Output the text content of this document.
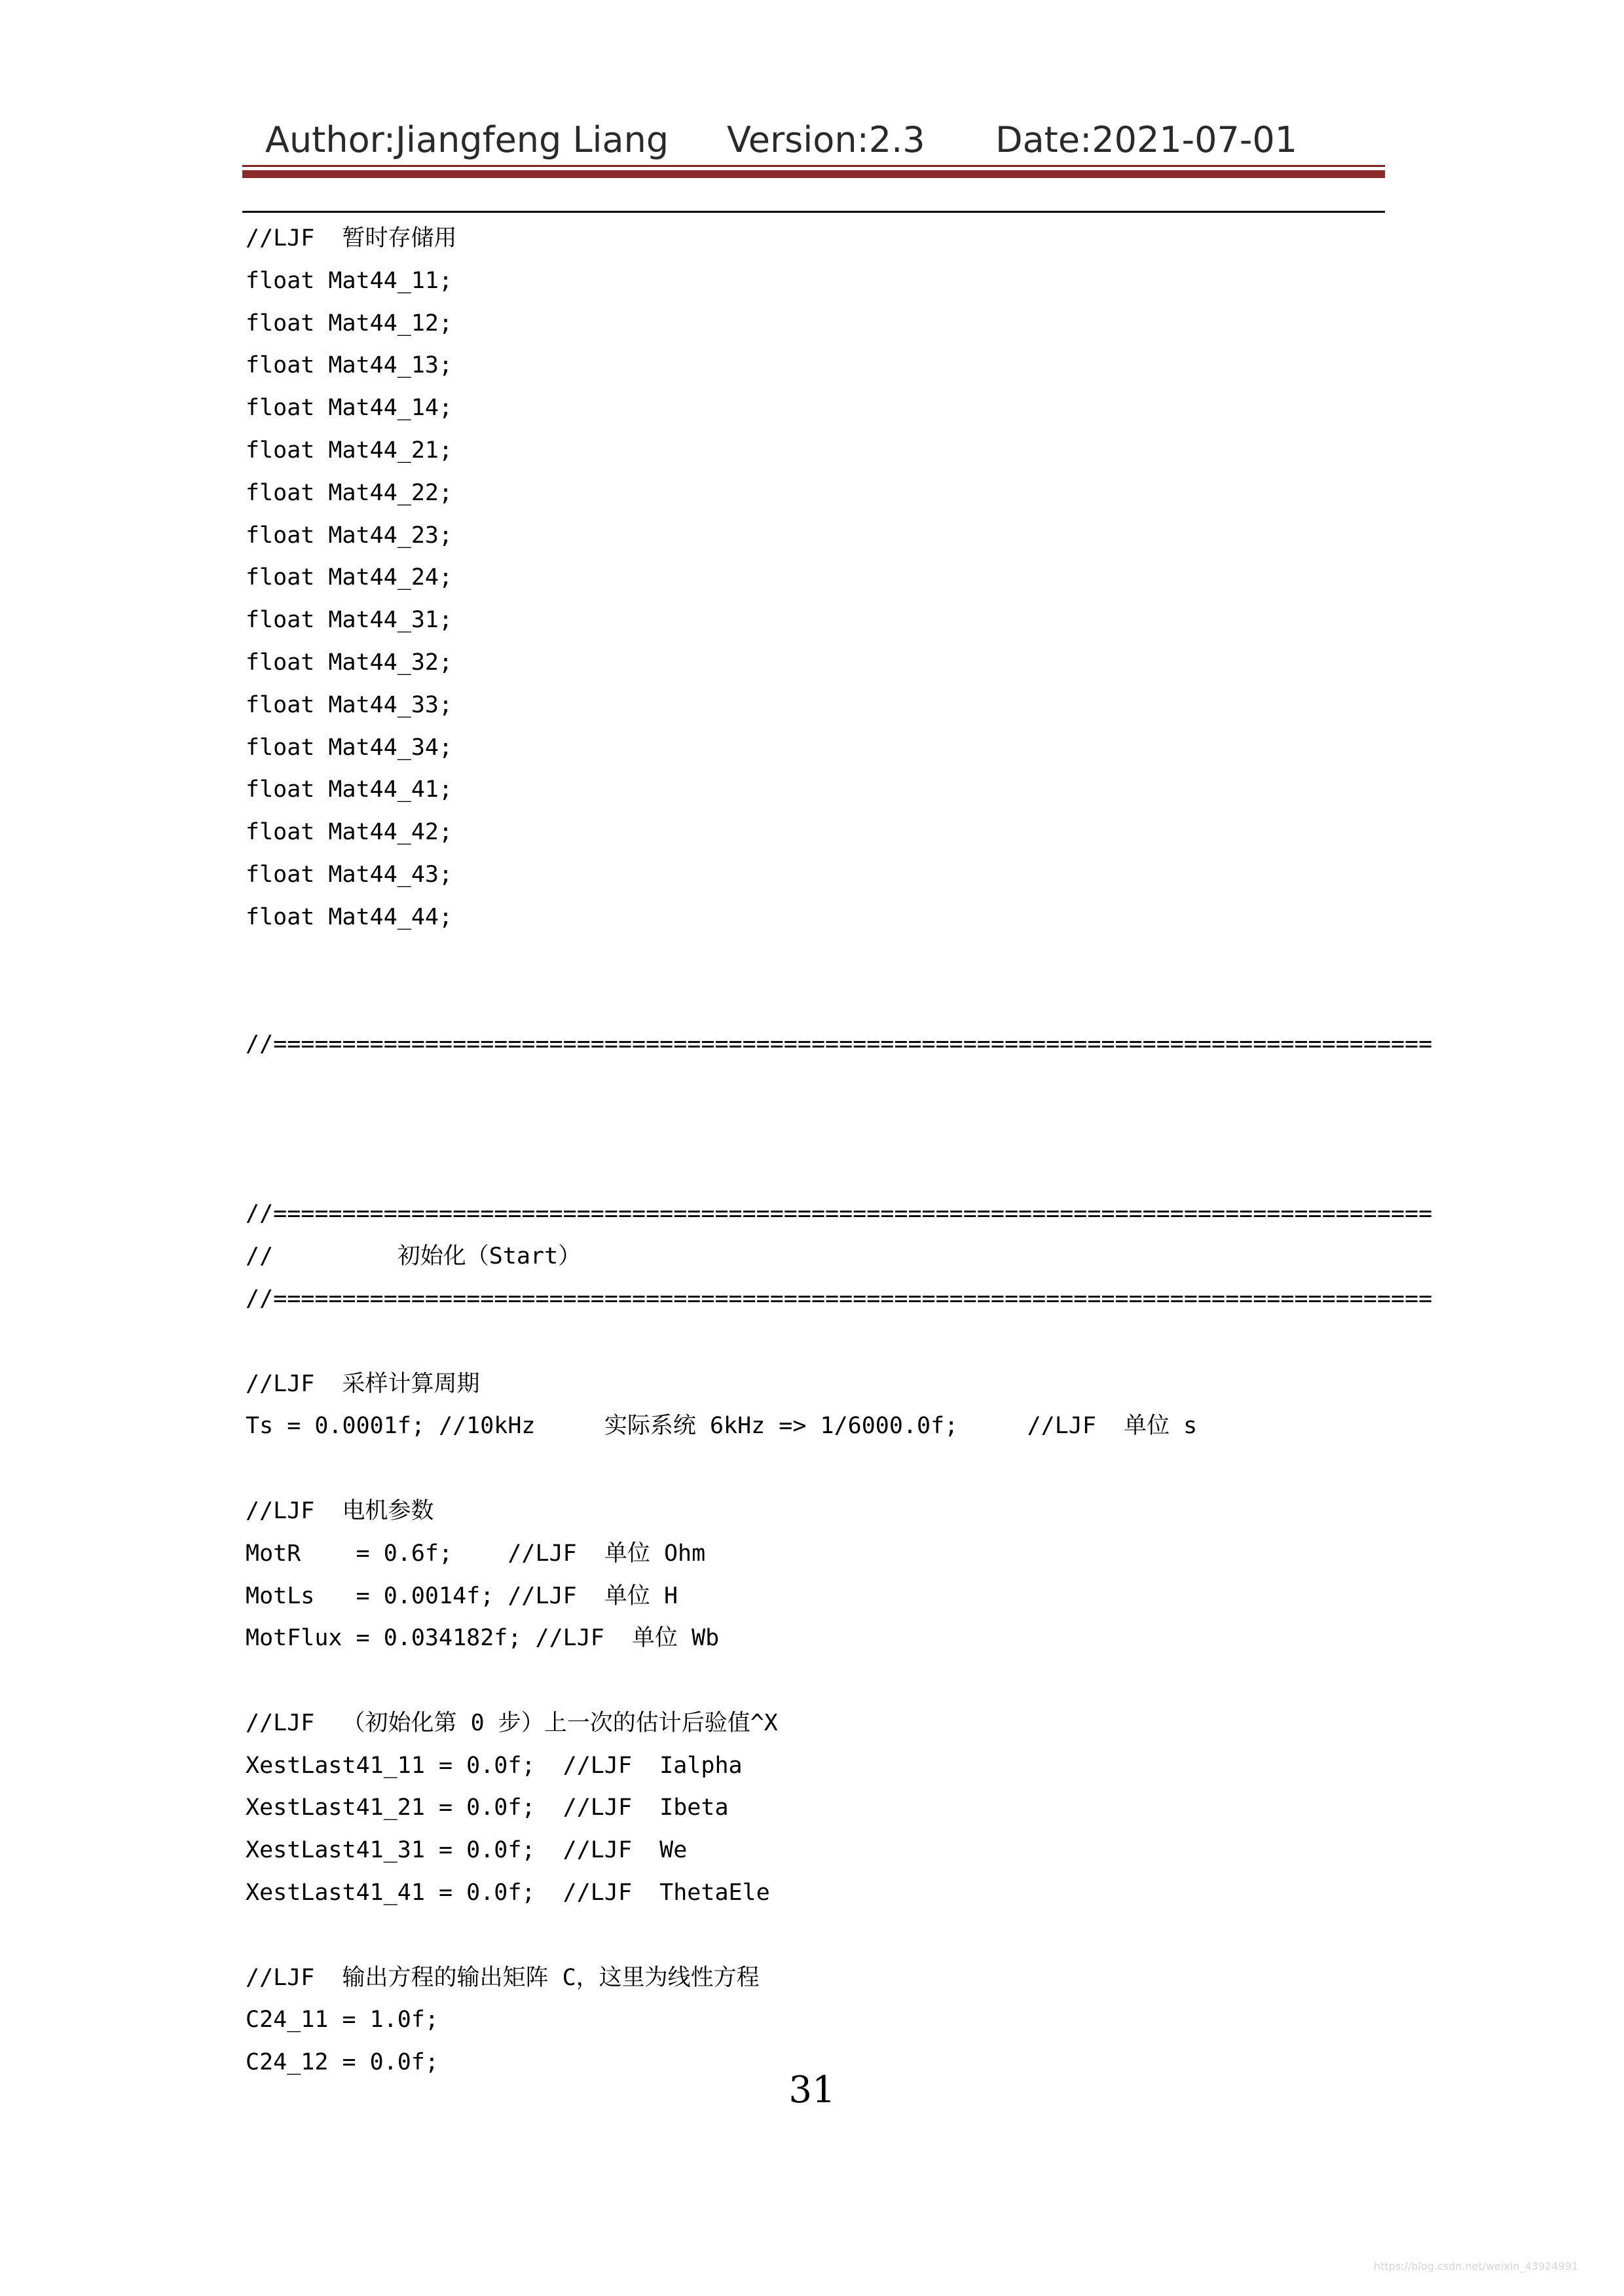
Author:Jiangfeng Liang Version:2.3 Date:2021-07-01
//LJF  暂时存储用
float Mat44_11;
float Mat44_12;
float Mat44_13;
float Mat44_14;
float Mat44_21;
float Mat44_22;
float Mat44_23;
float Mat44_24;
float Mat44_31;
float Mat44_32;
float Mat44_33;
float Mat44_34;
float Mat44_41;
float Mat44_42;
float Mat44_43;
float Mat44_44;
//====================================================================================
//====================================================================================
//         初始化（Start）
//====================================================================================
//LJF  采样计算周期
Ts = 0.0001f; //10kHz     实际系统 6kHz => 1/6000.0f;     //LJF  单位 s
//LJF  电机参数
MotR    = 0.6f;    //LJF  单位 Ohm
MotLs   = 0.0014f; //LJF  单位 H
MotFlux = 0.034182f; //LJF  单位 Wb
//LJF  （初始化第 0 步）上一次的估计后验值^X
XestLast41_11 = 0.0f;  //LJF  Ialpha
XestLast41_21 = 0.0f;  //LJF  Ibeta
XestLast41_31 = 0.0f;  //LJF  We
XestLast41_41 = 0.0f;  //LJF  ThetaEle
//LJF  输出方程的输出矩阵 C，这里为线性方程
C24_11 = 1.0f;
C24_12 = 0.0f;
31
https://blog.csdn.net/weixin_43924991
